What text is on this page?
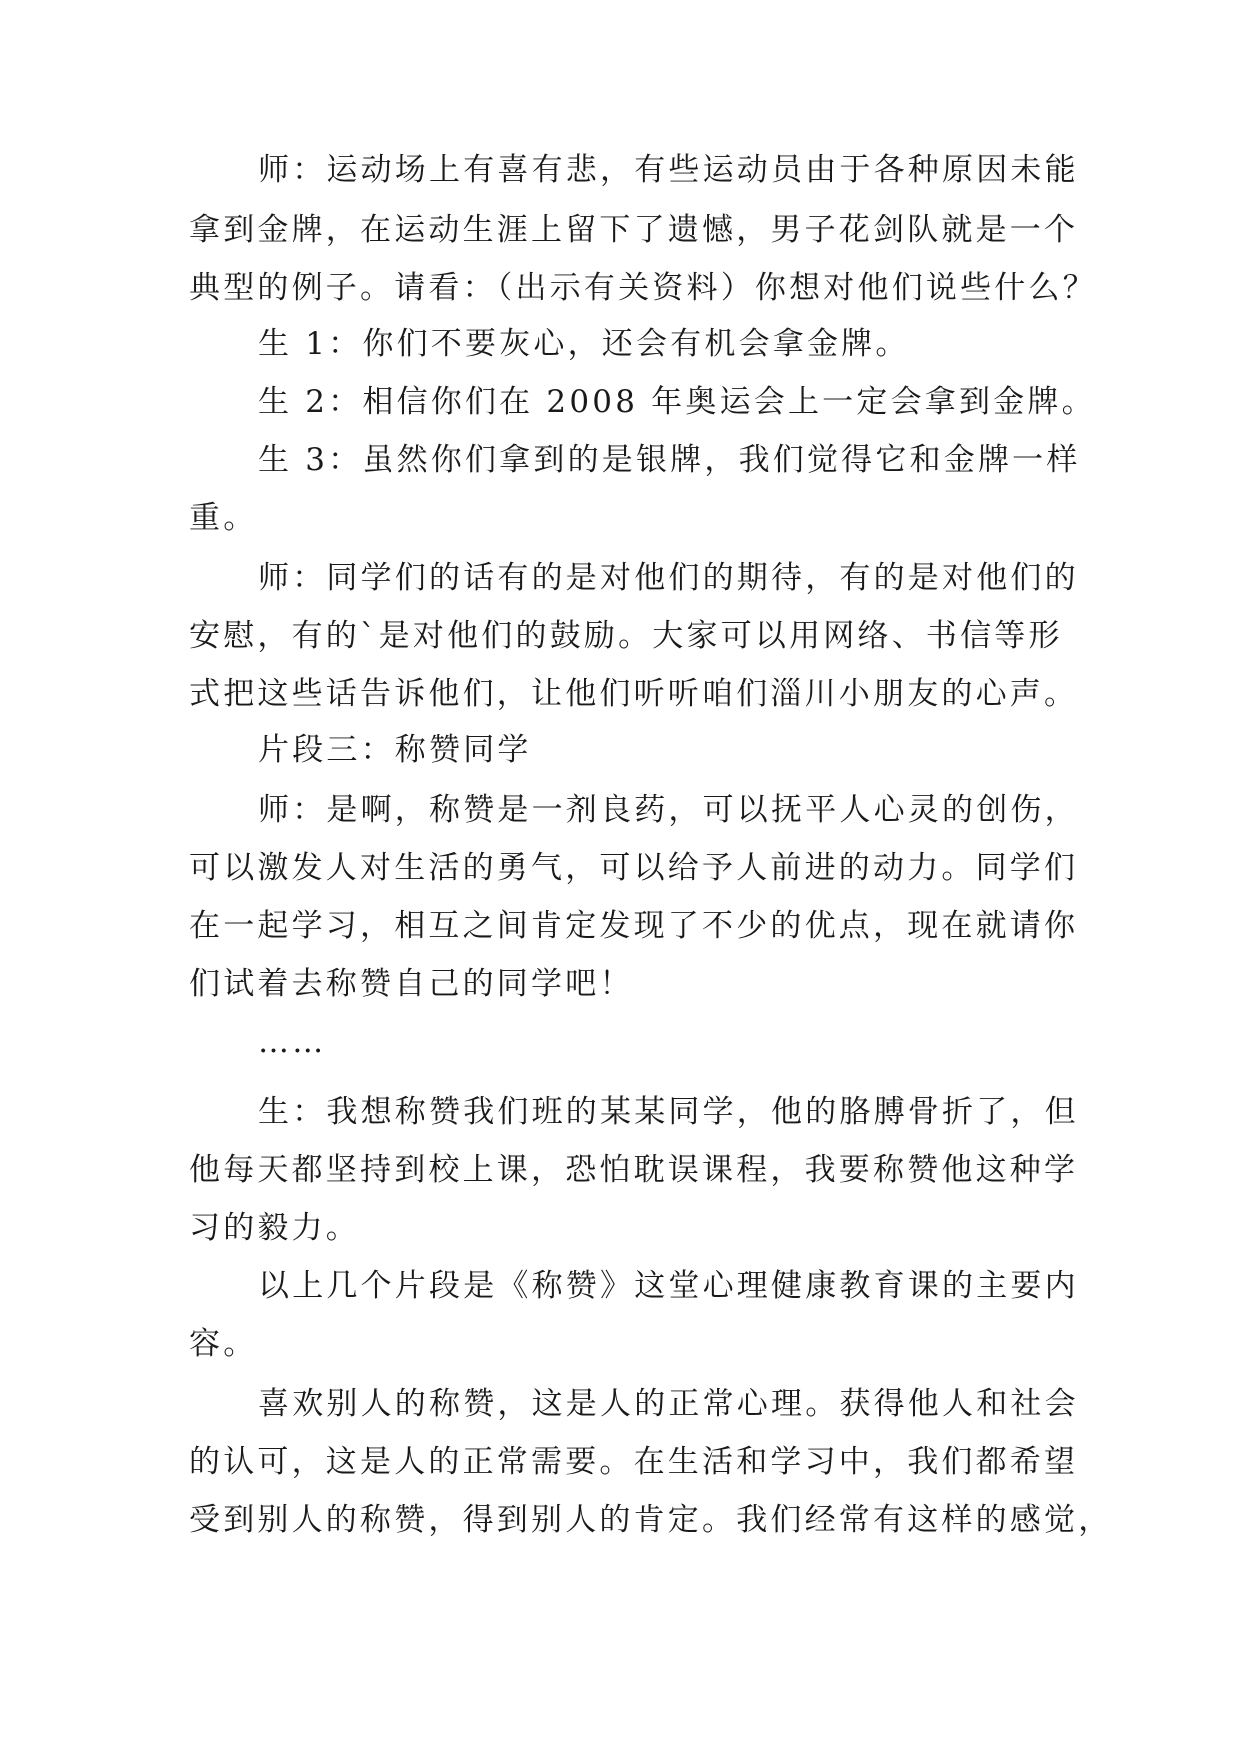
师：运动场上有喜有悲，有些运动员由于各种原因未能
拿到金牌，在运动生涯上留下了遗憾，男子花剑队就是一个
典型的例子。请看：（出示有关资料）你想对他们说些什么？
生 1：你们不要灰心，还会有机会拿金牌。
生 2：相信你们在 2008 年奥运会上一定会拿到金牌。
生 3：虽然你们拿到的是银牌，我们觉得它和金牌一样
重。
师：同学们的话有的是对他们的期待，有的是对他们的
安慰，有的`是对他们的鼓励。大家可以用网络、书信等形
式把这些话告诉他们，让他们听听咱们淄川小朋友的心声。
片段三：称赞同学
师：是啊，称赞是一剂良药，可以抚平人心灵的创伤，
可以激发人对生活的勇气，可以给予人前进的动力。同学们
在一起学习，相互之间肯定发现了不少的优点，现在就请你
们试着去称赞自己的同学吧！
……
生：我想称赞我们班的某某同学，他的胳膊骨折了，但
他每天都坚持到校上课，恐怕耽误课程，我要称赞他这种学
习的毅力。
以上几个片段是《称赞》这堂心理健康教育课的主要内
容。
喜欢别人的称赞，这是人的正常心理。获得他人和社会
的认可，这是人的正常需要。在生活和学习中，我们都希望
受到别人的称赞，得到别人的肯定。我们经常有这样的感觉，
